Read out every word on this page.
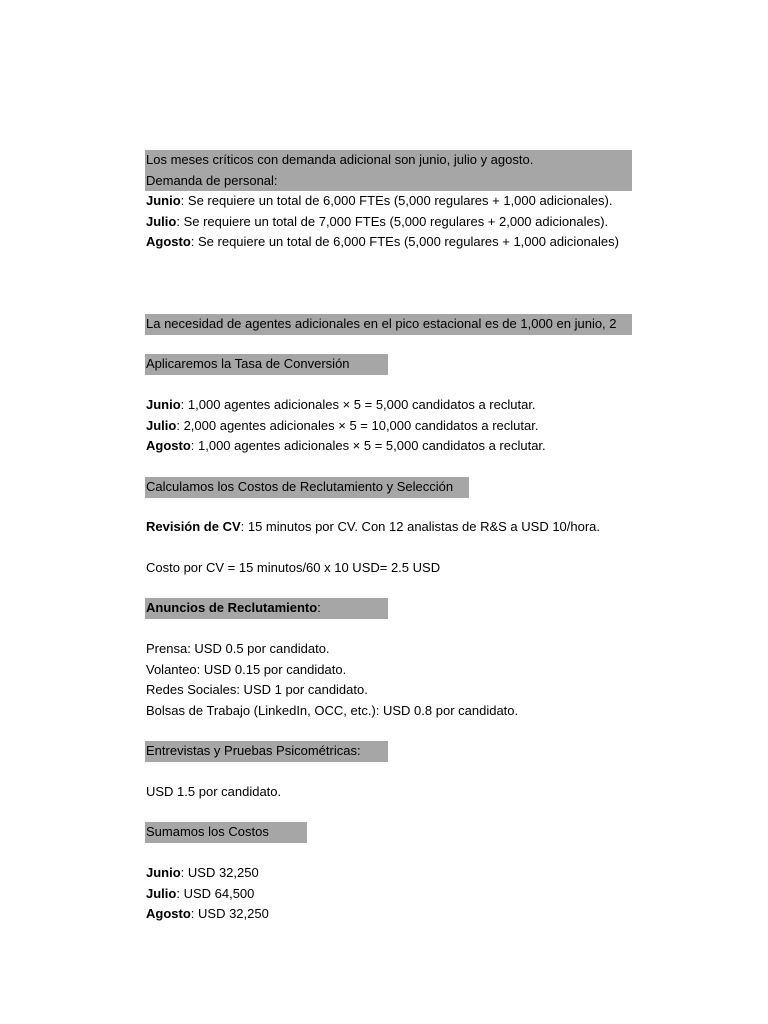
Los meses críticos con demanda adicional son junio, julio y agosto.
Demanda de personal:
Junio: Se requiere un total de 6,000 FTEs (5,000 regulares + 1,000 adicionales).
Julio: Se requiere un total de 7,000 FTEs (5,000 regulares + 2,000 adicionales).
Agosto: Se requiere un total de 6,000 FTEs (5,000 regulares + 1,000 adicionales)
La necesidad de agentes adicionales en el pico estacional es de 1,000 en junio, 2
Aplicaremos la Tasa de Conversión
Junio: 1,000 agentes adicionales × 5 = 5,000 candidatos a reclutar.
Julio: 2,000 agentes adicionales × 5 = 10,000 candidatos a reclutar.
Agosto: 1,000 agentes adicionales × 5 = 5,000 candidatos a reclutar.
Calculamos los Costos de Reclutamiento y Selección
Revisión de CV: 15 minutos por CV. Con 12 analistas de R&S a USD 10/hora.
Costo por CV = 15 minutos/60 x 10 USD= 2.5 USD
Anuncios de Reclutamiento:
Prensa: USD 0.5 por candidato.
Volanteo: USD 0.15 por candidato.
Redes Sociales: USD 1 por candidato.
Bolsas de Trabajo (LinkedIn, OCC, etc.): USD 0.8 por candidato.
Entrevistas y Pruebas Psicométricas:
USD 1.5 por candidato.
Sumamos los Costos
Junio: USD 32,250
Julio: USD 64,500
Agosto: USD 32,250
